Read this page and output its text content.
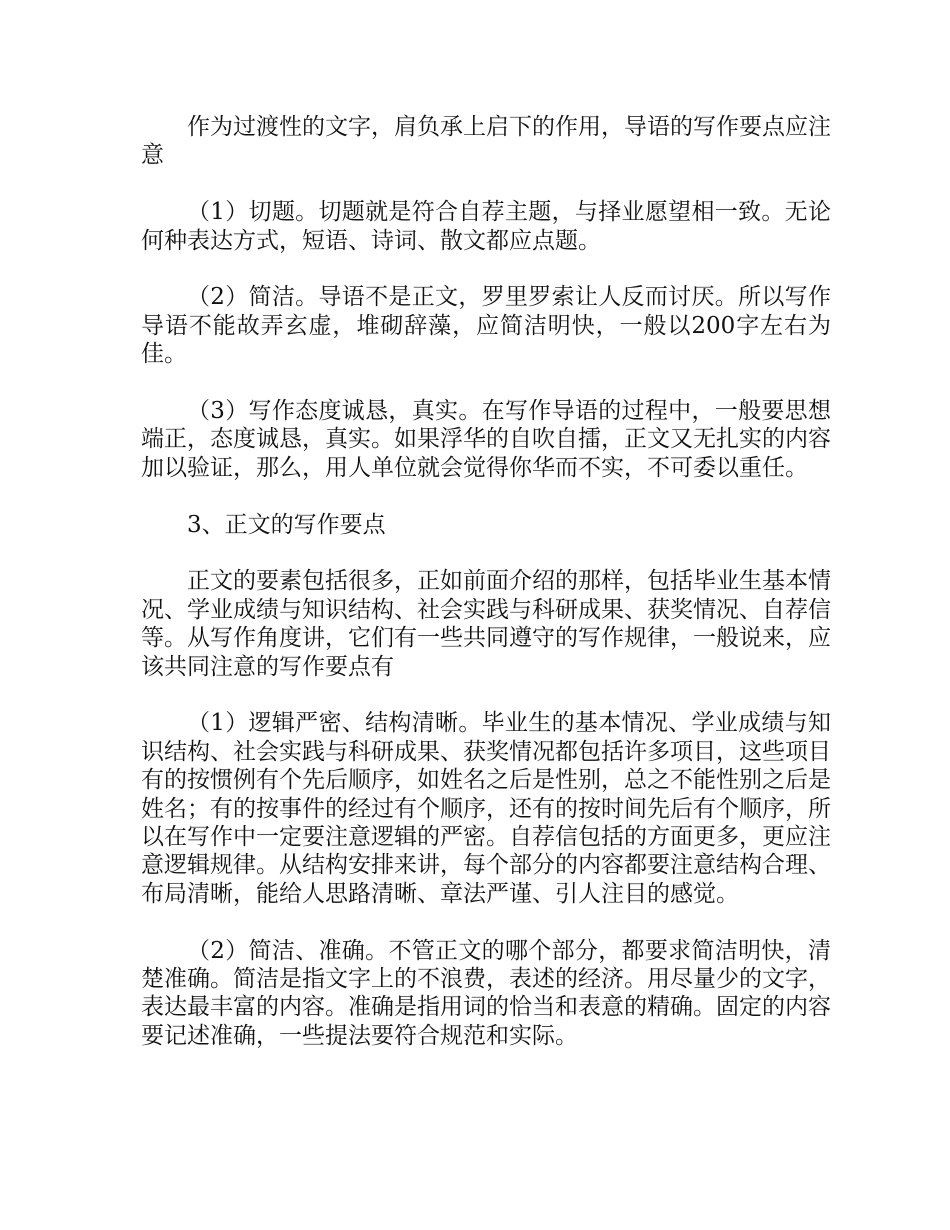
作为过渡性的文字，肩负承上启下的作用，导语的写作要点应注意

（1）切题。切题就是符合自荐主题，与择业愿望相一致。无论何种表达方式，短语、诗词、散文都应点题。

（2）简洁。导语不是正文，罗里罗索让人反而讨厌。所以写作导语不能故弄玄虚，堆砌辞藻，应简洁明快，一般以200字左右为佳。

（3）写作态度诚恳，真实。在写作导语的过程中，一般要思想端正，态度诚恳，真实。如果浮华的自吹自擂，正文又无扎实的内容加以验证，那么，用人单位就会觉得你华而不实，不可委以重任。

3、正文的写作要点

正文的要素包括很多，正如前面介绍的那样，包括毕业生基本情况、学业成绩与知识结构、社会实践与科研成果、获奖情况、自荐信等。从写作角度讲，它们有一些共同遵守的写作规律，一般说来，应该共同注意的写作要点有

（1）逻辑严密、结构清晰。毕业生的基本情况、学业成绩与知识结构、社会实践与科研成果、获奖情况都包括许多项目，这些项目有的按惯例有个先后顺序，如姓名之后是性别，总之不能性别之后是姓名；有的按事件的经过有个顺序，还有的按时间先后有个顺序，所以在写作中一定要注意逻辑的严密。自荐信包括的方面更多，更应注意逻辑规律。从结构安排来讲，每个部分的内容都要注意结构合理、布局清晰，能给人思路清晰、章法严谨、引人注目的感觉。

（2）简洁、准确。不管正文的哪个部分，都要求简洁明快，清楚准确。简洁是指文字上的不浪费，表述的经济。用尽量少的文字，表达最丰富的内容。准确是指用词的恰当和表意的精确。固定的内容要记述准确，一些提法要符合规范和实际。
